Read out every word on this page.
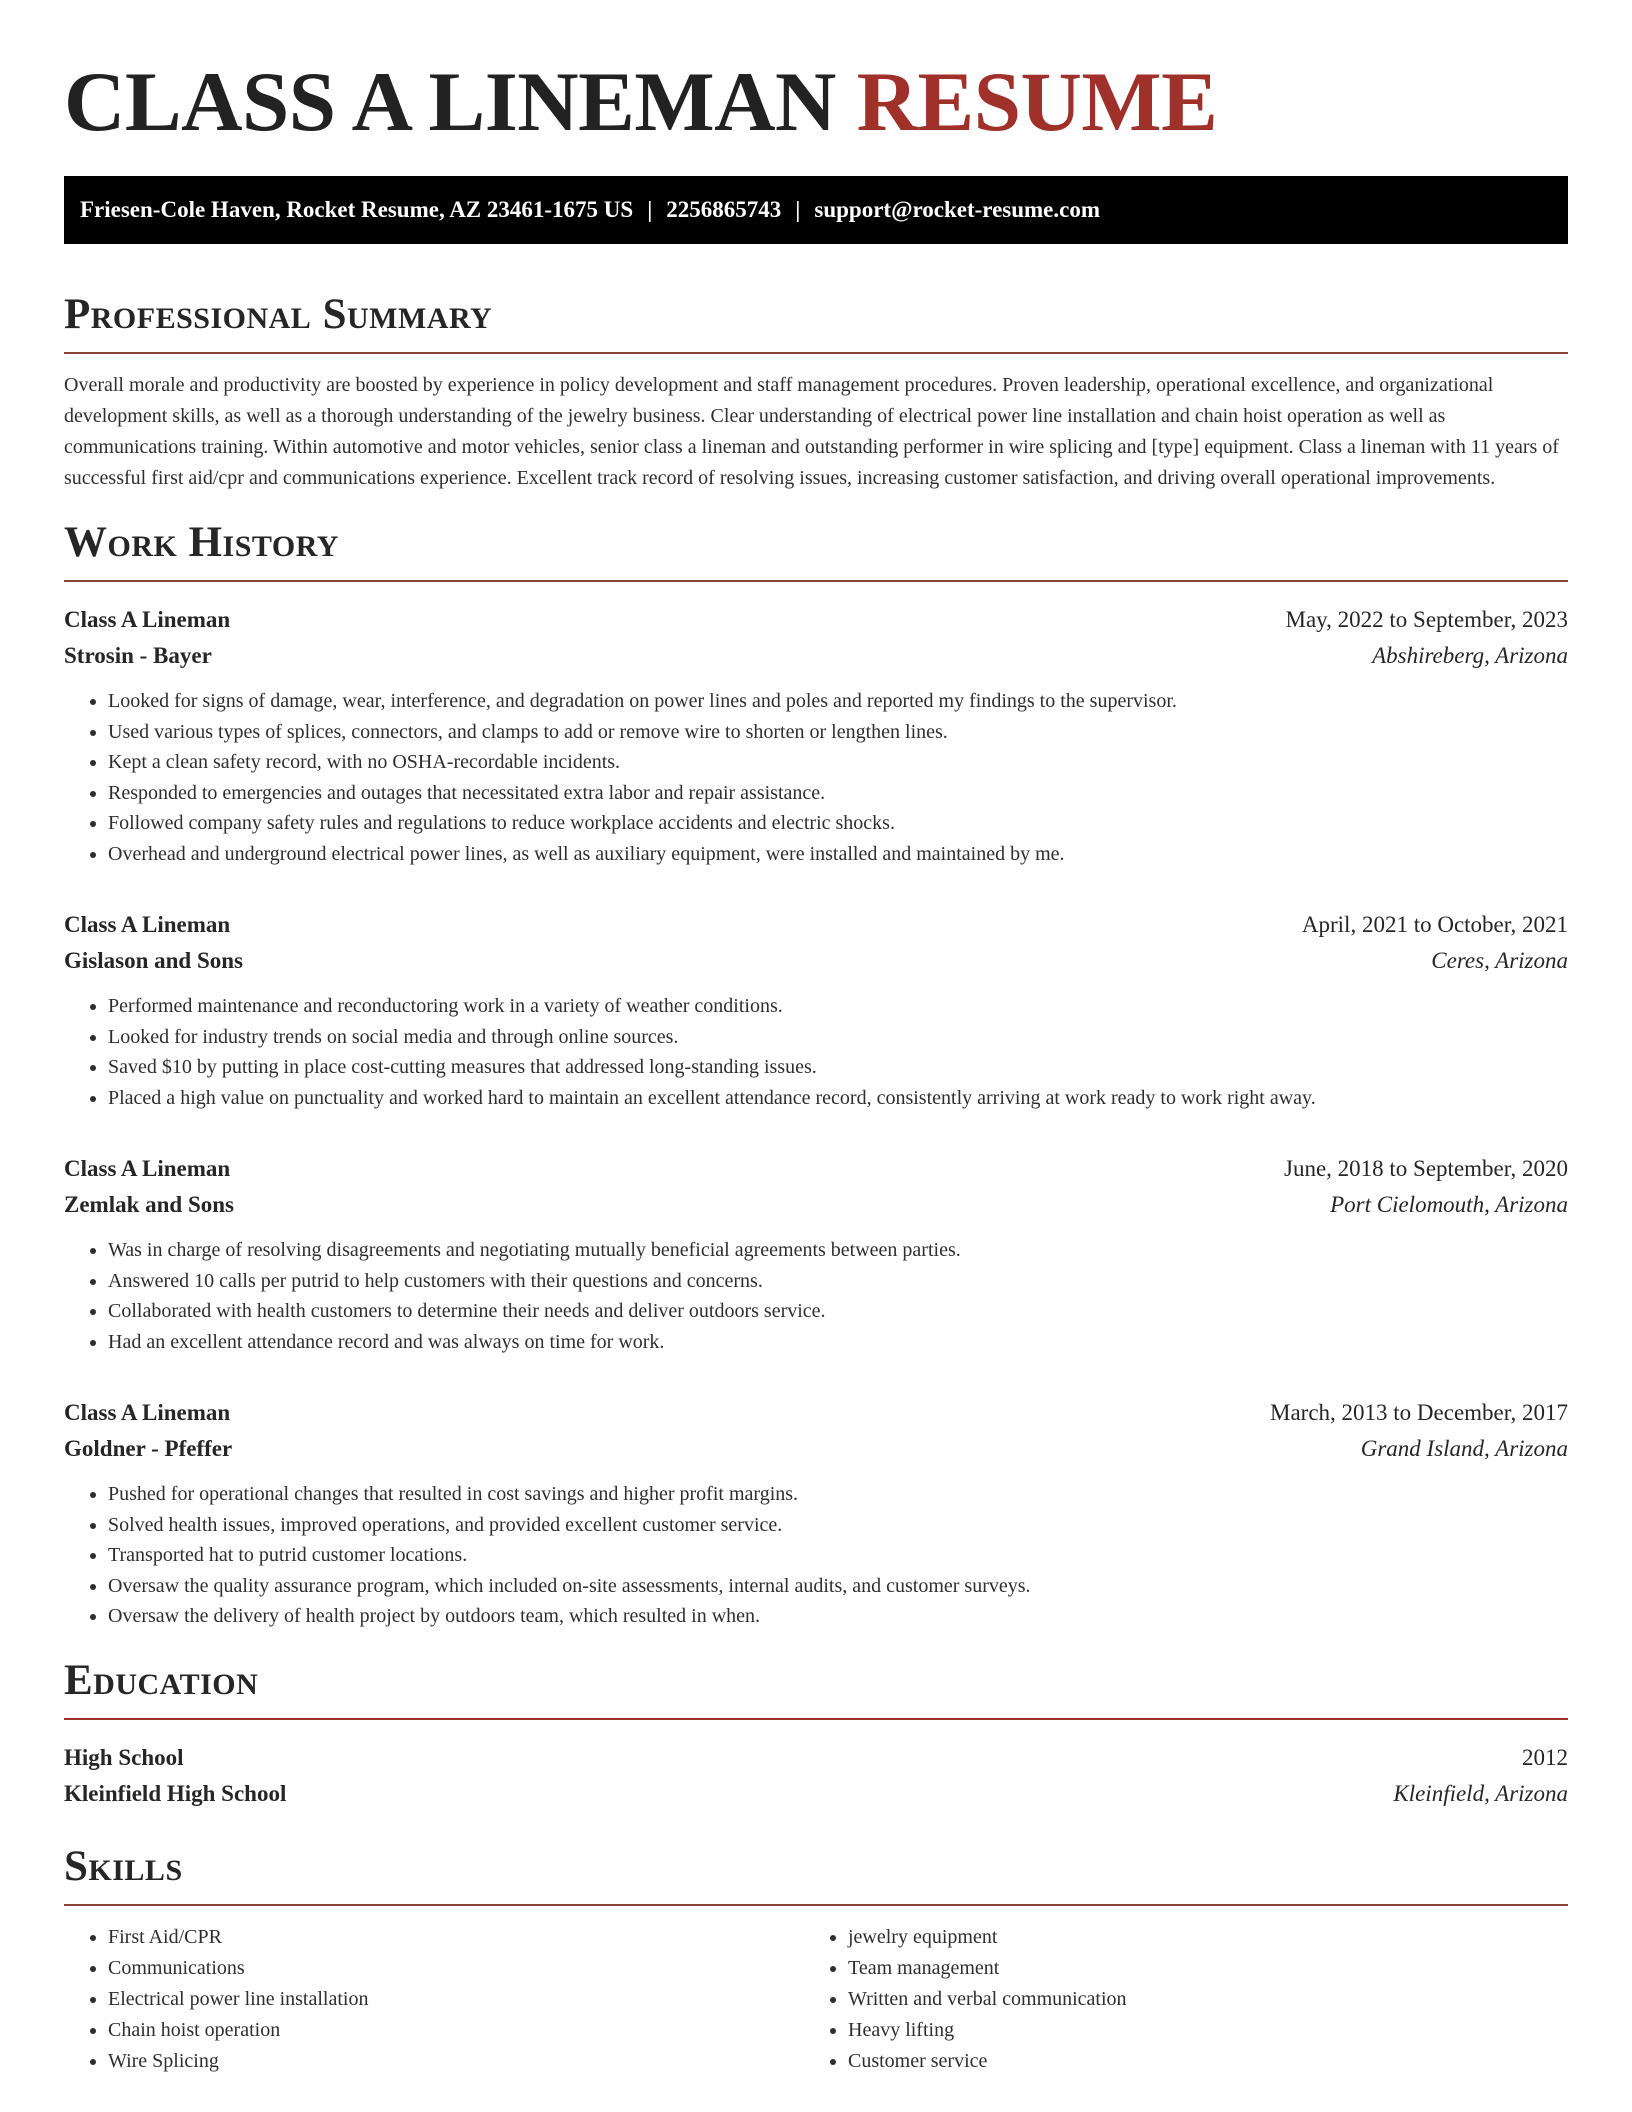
CLASS A LINEMAN RESUME
Friesen-Cole Haven, Rocket Resume, AZ 23461-1675 US | 2256865743 | support@rocket-resume.com
Professional Summary

Overall morale and productivity are boosted by experience in policy development and staff management procedures. Proven leadership, operational excellence, and organizational development skills, as well as a thorough understanding of the jewelry business. Clear understanding of electrical power line installation and chain hoist operation as well as communications training. Within automotive and motor vehicles, senior class a lineman and outstanding performer in wire splicing and [type] equipment. Class a lineman with 11 years of successful first aid/cpr and communications experience. Excellent track record of resolving issues, increasing customer satisfaction, and driving overall operational improvements.

Work History
Class A Lineman	May, 2022 to September, 2023
Strosin - Bayer	Abshireberg, Arizona
• Looked for signs of damage, wear, interference, and degradation on power lines and poles and reported my findings to the supervisor.
• Used various types of splices, connectors, and clamps to add or remove wire to shorten or lengthen lines.
• Kept a clean safety record, with no OSHA-recordable incidents.
• Responded to emergencies and outages that necessitated extra labor and repair assistance.
• Followed company safety rules and regulations to reduce workplace accidents and electric shocks.
• Overhead and underground electrical power lines, as well as auxiliary equipment, were installed and maintained by me.
Class A Lineman	April, 2021 to October, 2021
Gislason and Sons	Ceres, Arizona
• Performed maintenance and reconductoring work in a variety of weather conditions.
• Looked for industry trends on social media and through online sources.
• Saved $10 by putting in place cost-cutting measures that addressed long-standing issues.
• Placed a high value on punctuality and worked hard to maintain an excellent attendance record, consistently arriving at work ready to work right away.
Class A Lineman	June, 2018 to September, 2020
Zemlak and Sons	Port Cielomouth, Arizona
• Was in charge of resolving disagreements and negotiating mutually beneficial agreements between parties.
• Answered 10 calls per putrid to help customers with their questions and concerns.
• Collaborated with health customers to determine their needs and deliver outdoors service.
• Had an excellent attendance record and was always on time for work.
Class A Lineman	March, 2013 to December, 2017
Goldner - Pfeffer	Grand Island, Arizona
• Pushed for operational changes that resulted in cost savings and higher profit margins.
• Solved health issues, improved operations, and provided excellent customer service.
• Transported hat to putrid customer locations.
• Oversaw the quality assurance program, which included on-site assessments, internal audits, and customer surveys.
• Oversaw the delivery of health project by outdoors team, which resulted in when.
Education
High School	2012
Kleinfield High School	Kleinfield, Arizona
Skills
• First Aid/CPR
• Communications
• Electrical power line installation
• Chain hoist operation
• Wire Splicing
• jewelry equipment
• Team management
• Written and verbal communication
• Heavy lifting
• Customer service
